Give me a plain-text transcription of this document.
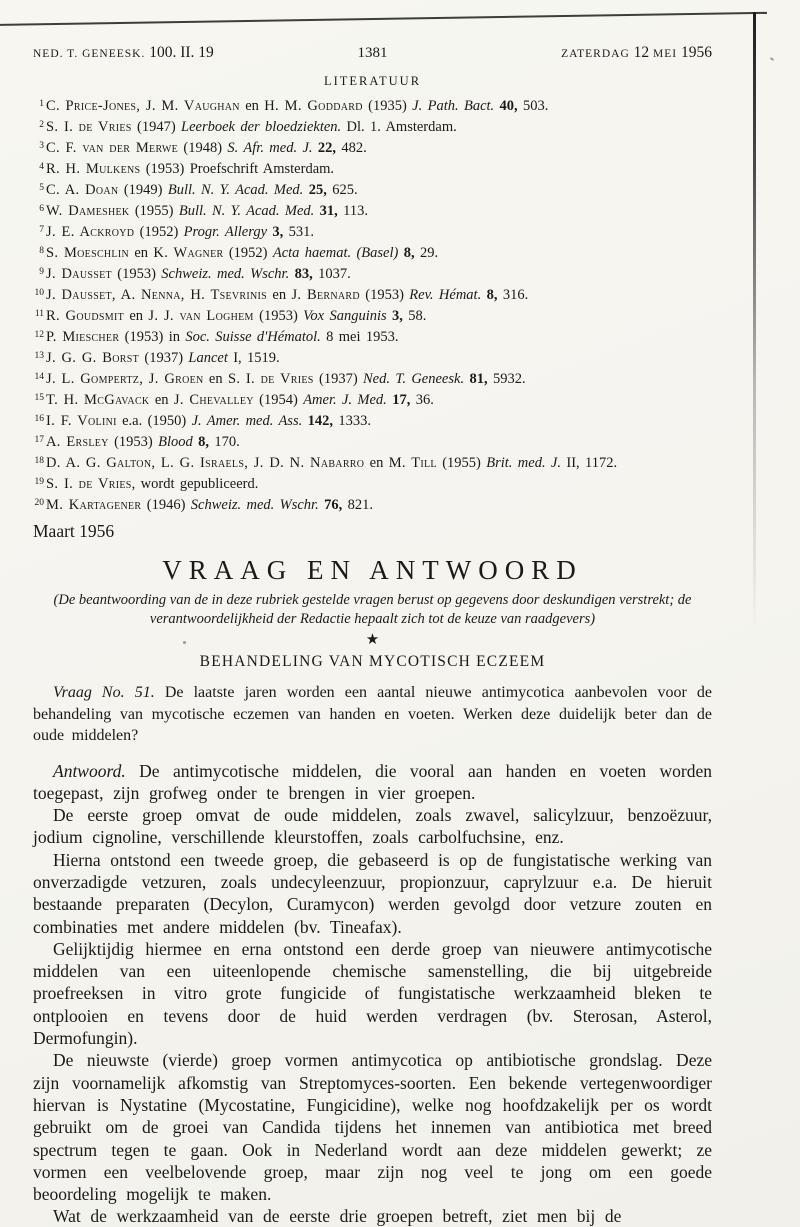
NED. T. GENEESK. 100. II. 19	1381	ZATERDAG 12 MEI 1956
LITERATUUR
$^1$ C. Price-Jones, J. M. Vaughan en H. M. Goddard (1935) J. Path. Bact. 40, 503.
$^2$ S. I. de Vries (1947) Leerboek der bloedziekten. Dl. 1. Amsterdam.
$^3$ C. F. van der Merwe (1948) S. Afr. med. J. 22, 482.
$^4$ R. H. Mulkens (1953) Proefschrift Amsterdam.
$^5$ C. A. Doan (1949) Bull. N. Y. Acad. Med. 25, 625.
$^6$ W. Dameshek (1955) Bull. N. Y. Acad. Med. 31, 113.
$^7$ J. E. Ackroyd (1952) Progr. Allergy 3, 531.
$^8$ S. Moeschlin en K. Wagner (1952) Acta haemat. (Basel) 8, 29.
$^9$ J. Dausset (1953) Schweiz. med. Wschr. 83, 1037.
$^{10}$ J. Dausset, A. Nenna, H. Tsevrinis en J. Bernard (1953) Rev. Hémat. 8, 316.
$^{11}$ R. Goudsmit en J. J. van Loghem (1953) Vox Sanguinis 3, 58.
$^{12}$ P. Miescher (1953) in Soc. Suisse d'Hématol. 8 mei 1953.
$^{13}$ J. G. G. Borst (1937) Lancet I, 1519.
$^{14}$ J. L. Gompertz, J. Groen en S. I. de Vries (1937) Ned. T. Geneesk. 81, 5932.
$^{15}$ T. H. McGavack en J. Chevalley (1954) Amer. J. Med. 17, 36.
$^{16}$ I. F. Volini e.a. (1950) J. Amer. med. Ass. 142, 1333.
$^{17}$ A. Ersley (1953) Blood 8, 170.
$^{18}$ D. A. G. Galton, L. G. Israels, J. D. N. Nabarro en M. Till (1955) Brit. med. J. II, 1172.
$^{19}$ S. I. de Vries, wordt gepubliceerd.
$^{20}$ M. Kartagener (1946) Schweiz. med. Wschr. 76, 821.
Maart 1956
VRAAG EN ANTWOORD
(De beantwoording van de in deze rubriek gestelde vragen berust op gegevens door deskundigen verstrekt; de verantwoordelijkheid der Redactie hepaalt zich tot de keuze van raadgevers)
★
BEHANDELING VAN MYCOTISCH ECZEEM

Vraag No. 51. De laatste jaren worden een aantal nieuwe antimycotica aanbevolen voor de behandeling van mycotische eczemen van handen en voeten. Werken deze duidelijk beter dan de oude middelen?

Antwoord. De antimycotische middelen, die vooral aan handen en voeten worden toegepast, zijn grofweg onder te brengen in vier groepen.

De eerste groep omvat de oude middelen, zoals zwavel, salicylzuur, benzoëzuur, jodium cignoline, verschillende kleurstoffen, zoals carbolfuchsine, enz.

Hierna ontstond een tweede groep, die gebaseerd is op de fungistatische werking van onverzadigde vetzuren, zoals undecyleenzuur, propionzuur, caprylzuur e.a. De hieruit bestaande preparaten (Decylon, Curamycon) werden gevolgd door vetzure zouten en combinaties met andere middelen (bv. Tineafax).

Gelijktijdig hiermee en erna ontstond een derde groep van nieuwere antimycotische middelen van een uiteenlopende chemische samenstelling, die bij uitgebreide proefreeksen in vitro grote fungicide of fungistatische werkzaamheid bleken te ontplooien en tevens door de huid werden verdragen (bv. Sterosan, Asterol, Dermofungin).

De nieuwste (vierde) groep vormen antimycotica op antibiotische grondslag. Deze zijn voornamelijk afkomstig van Streptomyces-soorten. Een bekende vertegenwoordiger hiervan is Nystatine (Mycostatine, Fungicidine), welke nog hoofdzakelijk per os wordt gebruikt om de groei van Candida tijdens het innemen van antibiotica met breed spectrum tegen te gaan. Ook in Nederland wordt aan deze middelen gewerkt; ze vormen een veelbelovende groep, maar zijn nog veel te jong om een goede beoordeling mogelijk te maken.

Wat de werkzaamheid van de eerste drie groepen betreft, ziet men bij de
